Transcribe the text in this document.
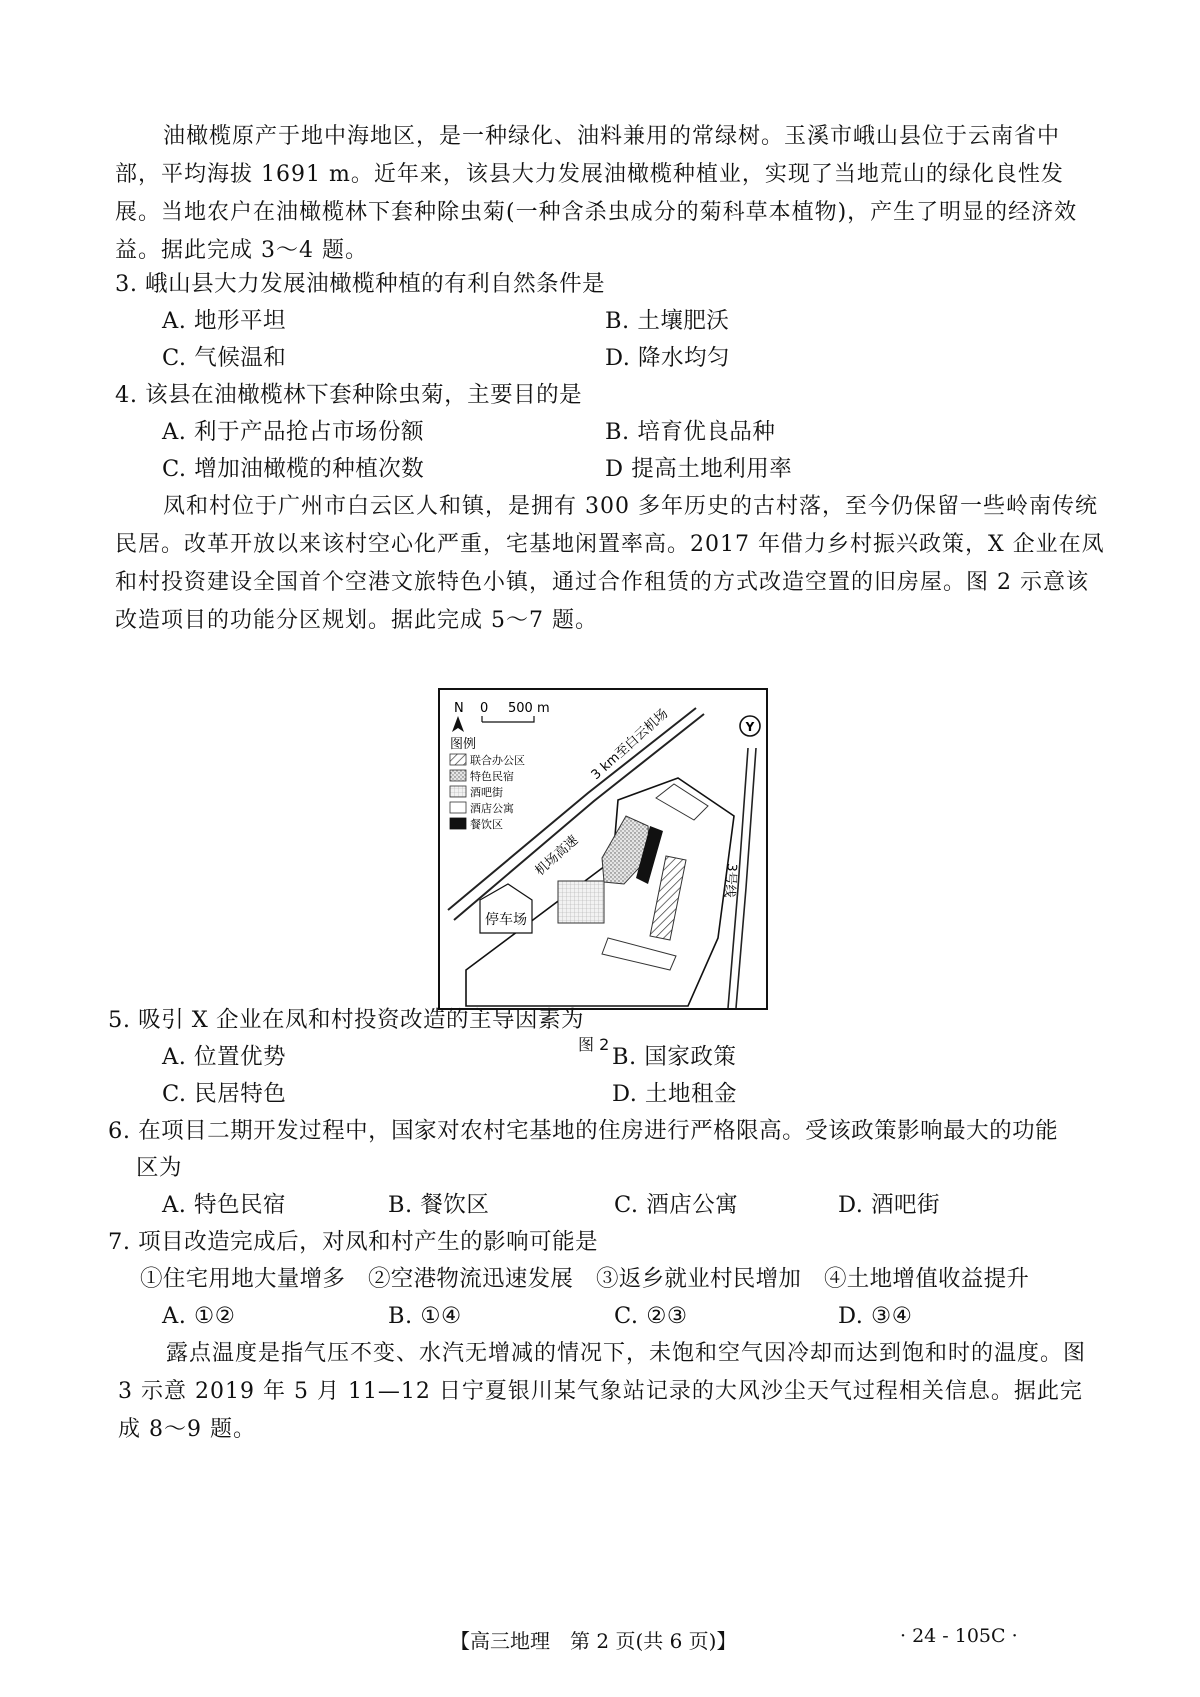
油橄榄原产于地中海地区，是一种绿化、油料兼用的常绿树。玉溪市峨山县位于云南省中部，平均海拔 1691 m。近年来，该县大力发展油橄榄种植业，实现了当地荒山的绿化良性发展。当地农户在油橄榄林下套种除虫菊(一种含杀虫成分的菊科草本植物)，产生了明显的经济效益。据此完成 3～4 题。

3. 峨山县大力发展油橄榄种植的有利自然条件是
A. 地形平坦	B. 土壤肥沃
C. 气候温和	D. 降水均匀
4. 该县在油橄榄林下套种除虫菊，主要目的是
A. 利于产品抢占市场份额	B. 培育优良品种
C. 增加油橄榄的种植次数	D 提高土地利用率

凤和村位于广州市白云区人和镇，是拥有 300 多年历史的古村落，至今仍保留一些岭南传统民居。改革开放以来该村空心化严重，宅基地闲置率高。2017 年借力乡村振兴政策，X 企业在凤和村投资建设全国首个空港文旅特色小镇，通过合作租赁的方式改造空置的旧房屋。图 2 示意该改造项目的功能分区规划。据此完成 5～7 题。

Y
停车场
3 km至白云机场
机场高速
3号线
N 0 500 m
图例
联合办公区
特色民宿
酒吧街
酒店公寓
餐饮区
图 2
5. 吸引 X 企业在凤和村投资改造的主导因素为
A. 位置优势	B. 国家政策
C. 民居特色	D. 土地租金
6. 在项目二期开发过程中，国家对农村宅基地的住房进行严格限高。受该政策影响最大的功能
区为
A. 特色民宿	B. 餐饮区	C. 酒店公寓	D. 酒吧街
7. 项目改造完成后，对凤和村产生的影响可能是
①住宅用地大量增多　②空港物流迅速发展　③返乡就业村民增加　④土地增值收益提升
A. ①②	B. ①④	C. ②③	D. ③④

露点温度是指气压不变、水汽无增减的情况下，未饱和空气因冷却而达到饱和时的温度。图 3 示意 2019 年 5 月 11—12 日宁夏银川某气象站记录的大风沙尘天气过程相关信息。据此完成 8～9 题。

【高三地理　第 2 页(共 6 页)】	· 24 - 105C ·
